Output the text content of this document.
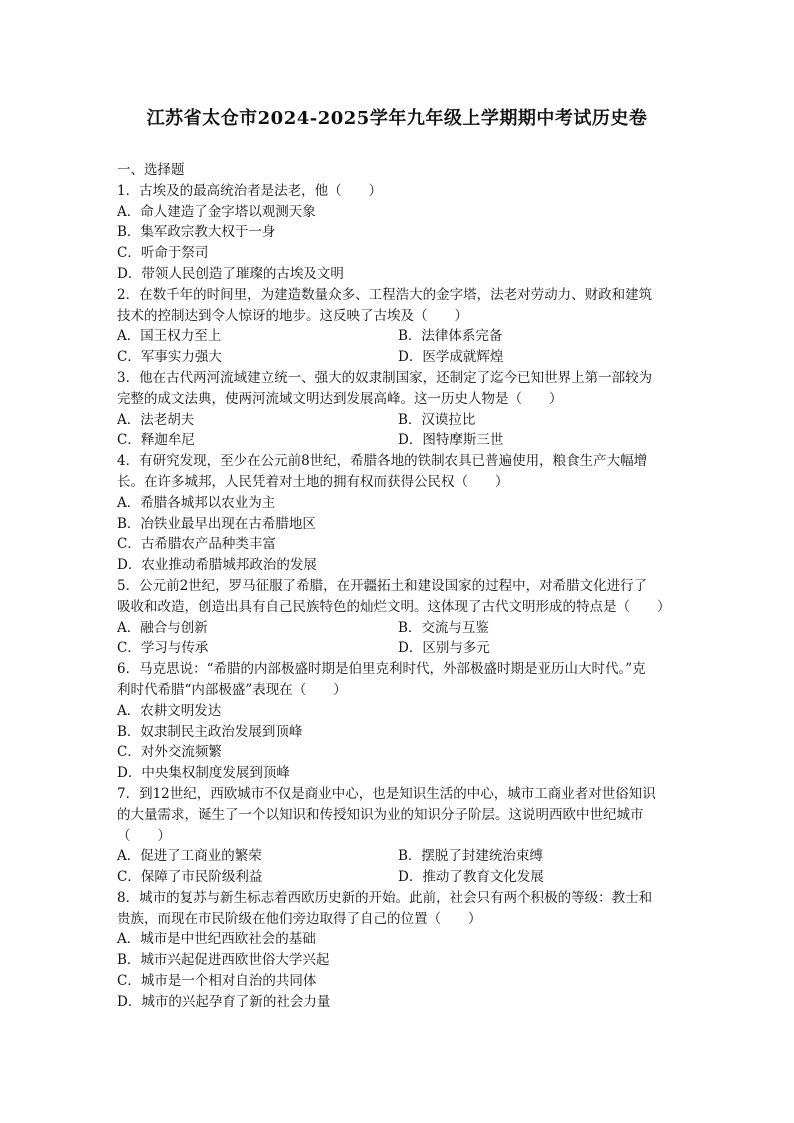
江苏省太仓市2024-2025学年九年级上学期期中考试历史卷
一、选择题
1．古埃及的最高统治者是法老，他（　　）
A．命人建造了金字塔以观测天象
B．集军政宗教大权于一身
C．听命于祭司
D．带领人民创造了璀璨的古埃及文明
2．在数千年的时间里，为建造数量众多、工程浩大的金字塔，法老对劳动力、财政和建筑
技术的控制达到令人惊讶的地步。这反映了古埃及（　　）
A．国王权力至上	B．法律体系完备
C．军事实力强大	D．医学成就辉煌
3．他在古代两河流域建立统一、强大的奴隶制国家，还制定了迄今已知世界上第一部较为
完整的成文法典，使两河流域文明达到发展高峰。这一历史人物是（　　）
A．法老胡夫	B．汉谟拉比
C．释迦牟尼	D．图特摩斯三世
4．有研究发现，至少在公元前8世纪，希腊各地的铁制农具已普遍使用，粮食生产大幅增
长。在许多城邦，人民凭着对土地的拥有权而获得公民权（　　）
A．希腊各城邦以农业为主
B．冶铁业最早出现在古希腊地区
C．古希腊农产品种类丰富
D．农业推动希腊城邦政治的发展
5．公元前2世纪，罗马征服了希腊，在开疆拓土和建设国家的过程中，对希腊文化进行了
吸收和改造，创造出具有自己民族特色的灿烂文明。这体现了古代文明形成的特点是（　　）
A．融合与创新	B．交流与互鉴
C．学习与传承	D．区别与多元
6．马克思说：“希腊的内部极盛时期是伯里克利时代，外部极盛时期是亚历山大时代。”克
利时代希腊“内部极盛”表现在（　　）
A．农耕文明发达
B．奴隶制民主政治发展到顶峰
C．对外交流频繁
D．中央集权制度发展到顶峰
7．到12世纪，西欧城市不仅是商业中心，也是知识生活的中心，城市工商业者对世俗知识
的大量需求，诞生了一个以知识和传授知识为业的知识分子阶层。这说明西欧中世纪城市
（　　）
A．促进了工商业的繁荣	B．摆脱了封建统治束缚
C．保障了市民阶级利益	D．推动了教育文化发展
8．城市的复苏与新生标志着西欧历史新的开始。此前，社会只有两个积极的等级：教士和
贵族，而现在市民阶级在他们旁边取得了自己的位置（　　）
A．城市是中世纪西欧社会的基础
B．城市兴起促进西欧世俗大学兴起
C．城市是一个相对自治的共同体
D．城市的兴起孕育了新的社会力量
